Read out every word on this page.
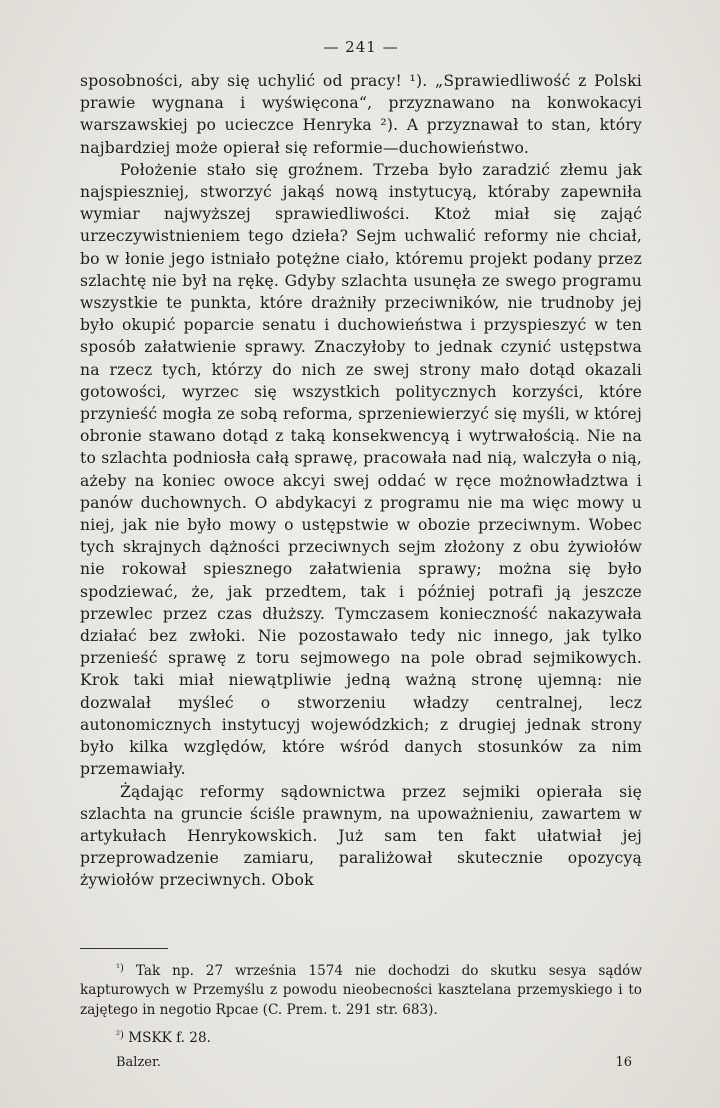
— 241 —

sposobności, aby się uchylić od pracy! ¹). „Sprawiedliwość z Polski prawie wygnana i wyświęcona“, przyznawano na konwokacyi warszawskiej po ucieczce Henryka ²). A przyznawał to stan, który najbardziej może opierał się reformie—duchowieństwo.

Położenie stało się groźnem. Trzeba było zaradzić złemu jak najspieszniej, stworzyć jakąś nową instytucyą, któraby zapewniła wymiar najwyższej sprawiedliwości. Ktoż miał się zająć urzeczywistnieniem tego dzieła? Sejm uchwalić reformy nie chciał, bo w łonie jego istniało potężne ciało, któremu projekt podany przez szlachtę nie był na rękę. Gdyby szlachta usunęła ze swego programu wszystkie te punkta, które drażniły przeciwników, nie trudnoby jej było okupić poparcie senatu i duchowieństwa i przyspieszyć w ten sposób załatwienie sprawy. Znaczyłoby to jednak czynić ustępstwa na rzecz tych, którzy do nich ze swej strony mało dotąd okazali gotowości, wyrzec się wszystkich politycznych korzyści, które przynieść mogła ze sobą reforma, sprzeniewierzyć się myśli, w której obronie stawano dotąd z taką konsekwencyą i wytrwałością. Nie na to szlachta podniosła całą sprawę, pracowała nad nią, walczyła o nią, ażeby na koniec owoce akcyi swej oddać w ręce możnowładztwa i panów duchownych. O abdykacyi z programu nie ma więc mowy u niej, jak nie było mowy o ustępstwie w obozie przeciwnym. Wobec tych skrajnych dążności przeciwnych sejm złożony z obu żywiołów nie rokował spiesznego załatwienia sprawy; można się było spodziewać, że, jak przedtem, tak i później potrafi ją jeszcze przewlec przez czas dłuższy. Tymczasem konieczność nakazywała działać bez zwłoki. Nie pozostawało tedy nic innego, jak tylko przenieść sprawę z toru sejmowego na pole obrad sejmikowych. Krok taki miał niewątpliwie jedną ważną stronę ujemną: nie dozwalał myśleć o stworzeniu władzy centralnej, lecz autonomicznych instytucyj wojewódzkich; z drugiej jednak strony było kilka względów, które wśród danych stosunków za nim przemawiały.

Żądając reformy sądownictwa przez sejmiki opierała się szlachta na gruncie ściśle prawnym, na upoważnieniu, zawartem w artykułach Henrykowskich. Już sam ten fakt ułatwiał jej przeprowadzenie zamiaru, paraliżował skutecznie opozycyą żywiołów przeciwnych. Obok

$^{^1)}$ Tak np. 27 września 1574 nie dochodzi do skutku sesya sądów kapturowych w Przemyślu z powodu nieobecności kasztelana przemyskiego i to zajętego in negotio Rpcae (C. Prem. t. 291 str. 683).

$^{^2)}$ MSKK f. 28.

Balzer.	16
